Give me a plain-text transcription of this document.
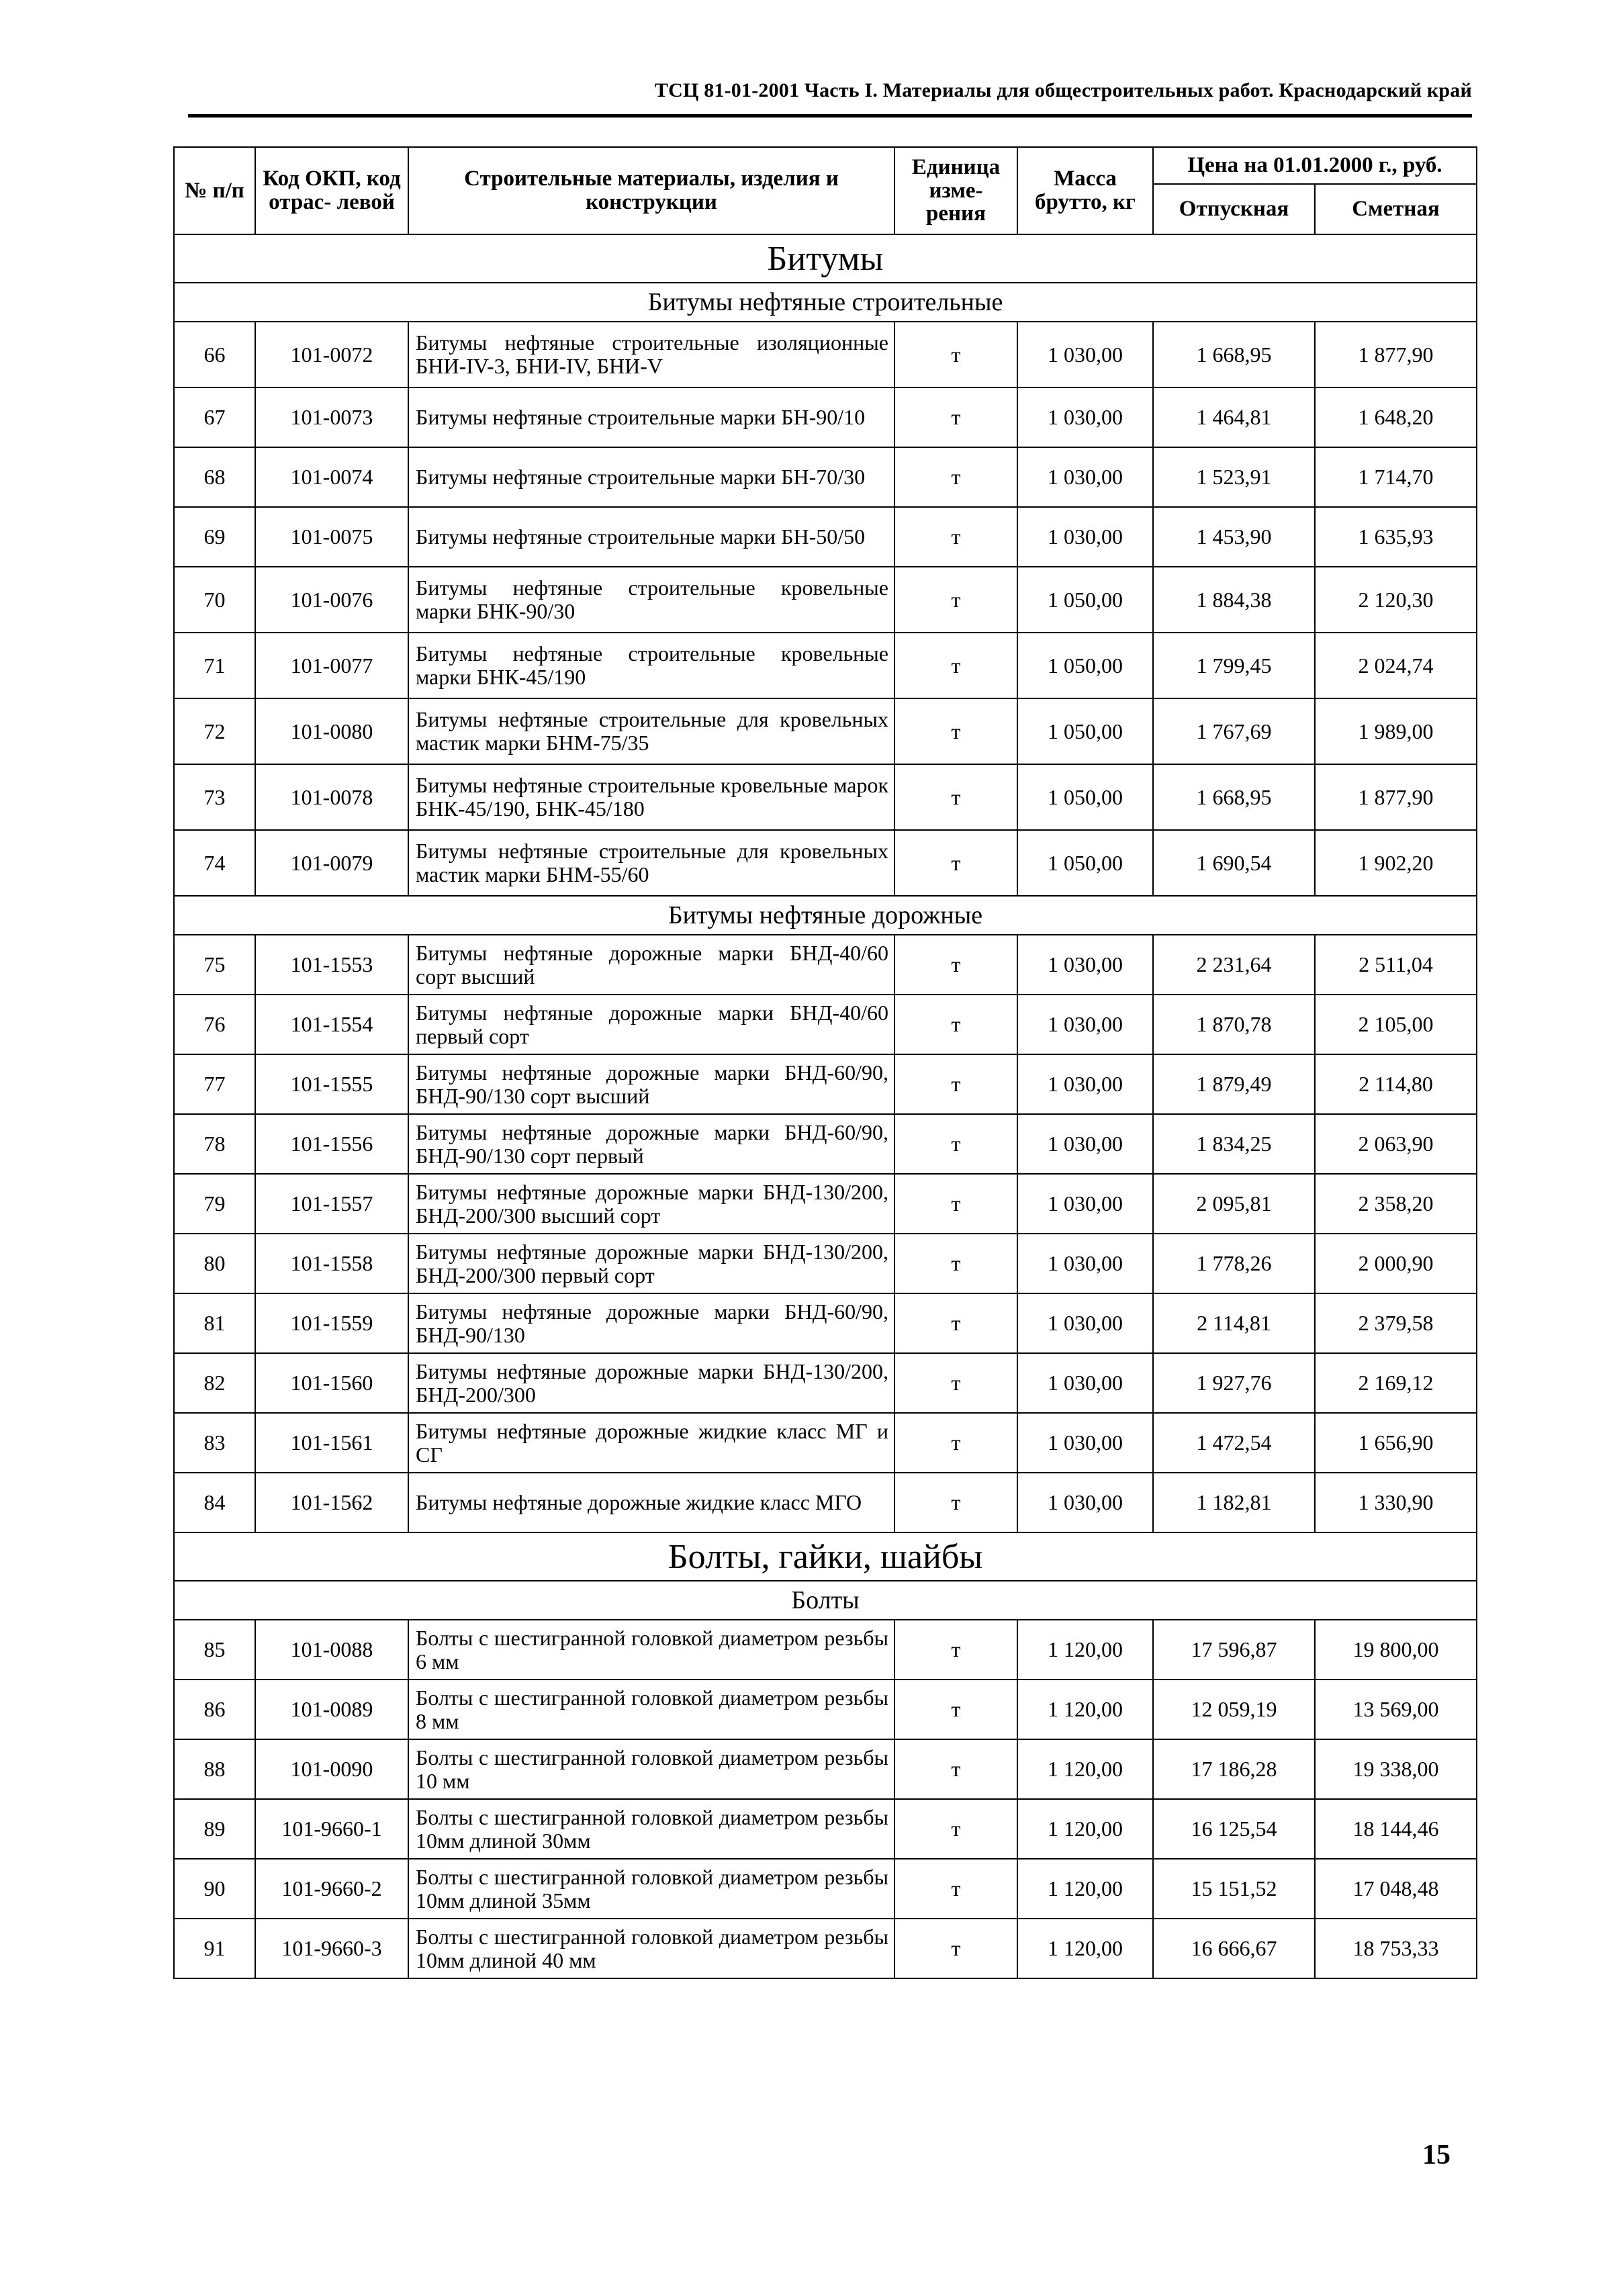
ТСЦ 81-01-2001 Часть I. Материалы для общестроительных работ. Краснодарский край
№ п/п	Код ОКП, код отрас- левой	Строительные материалы, изделия и конструкции	Единица изме- рения	Масса брутто, кг	Цена на 01.01.2000 г., руб.	
					Отпускная	Сметная
Битумы						
Битумы нефтяные строительные						
66	101-0072	Битумы нефтяные строительные изоляционные БНИ-IV-3, БНИ-IV, БНИ-V	т	1 030,00	1 668,95	1 877,90
67	101-0073	Битумы нефтяные строительные марки БН-90/10	т	1 030,00	1 464,81	1 648,20
68	101-0074	Битумы нефтяные строительные марки БН-70/30	т	1 030,00	1 523,91	1 714,70
69	101-0075	Битумы нефтяные строительные марки БН-50/50	т	1 030,00	1 453,90	1 635,93
70	101-0076	Битумы нефтяные строительные кровельные марки БНК-90/30	т	1 050,00	1 884,38	2 120,30
71	101-0077	Битумы нефтяные строительные кровельные марки БНК-45/190	т	1 050,00	1 799,45	2 024,74
72	101-0080	Битумы нефтяные строительные для кровельных мастик марки БНМ-75/35	т	1 050,00	1 767,69	1 989,00
73	101-0078	Битумы нефтяные строительные кровельные марок БНК-45/190, БНК-45/180	т	1 050,00	1 668,95	1 877,90
74	101-0079	Битумы нефтяные строительные для кровельных мастик марки БНМ-55/60	т	1 050,00	1 690,54	1 902,20
Битумы нефтяные дорожные						
75	101-1553	Битумы нефтяные дорожные марки БНД-40/60 сорт высший	т	1 030,00	2 231,64	2 511,04
76	101-1554	Битумы нефтяные дорожные марки БНД-40/60 первый сорт	т	1 030,00	1 870,78	2 105,00
77	101-1555	Битумы нефтяные дорожные марки БНД-60/90, БНД-90/130 сорт высший	т	1 030,00	1 879,49	2 114,80
78	101-1556	Битумы нефтяные дорожные марки БНД-60/90, БНД-90/130 сорт первый	т	1 030,00	1 834,25	2 063,90
79	101-1557	Битумы нефтяные дорожные марки БНД-130/200, БНД-200/300 высший сорт	т	1 030,00	2 095,81	2 358,20
80	101-1558	Битумы нефтяные дорожные марки БНД-130/200, БНД-200/300 первый сорт	т	1 030,00	1 778,26	2 000,90
81	101-1559	Битумы нефтяные дорожные марки БНД-60/90, БНД-90/130	т	1 030,00	2 114,81	2 379,58
82	101-1560	Битумы нефтяные дорожные марки БНД-130/200, БНД-200/300	т	1 030,00	1 927,76	2 169,12
83	101-1561	Битумы нефтяные дорожные жидкие класс МГ и СГ	т	1 030,00	1 472,54	1 656,90
84	101-1562	Битумы нефтяные дорожные жидкие класс МГО	т	1 030,00	1 182,81	1 330,90
Болты, гайки, шайбы						
Болты						
85	101-0088	Болты с шестигранной головкой диаметром резьбы 6 мм	т	1 120,00	17 596,87	19 800,00
86	101-0089	Болты с шестигранной головкой диаметром резьбы 8 мм	т	1 120,00	12 059,19	13 569,00
88	101-0090	Болты с шестигранной головкой диаметром резьбы 10 мм	т	1 120,00	17 186,28	19 338,00
89	101-9660-1	Болты с шестигранной головкой диаметром резьбы 10мм длиной 30мм	т	1 120,00	16 125,54	18 144,46
90	101-9660-2	Болты с шестигранной головкой диаметром резьбы 10мм длиной 35мм	т	1 120,00	15 151,52	17 048,48
91	101-9660-3	Болты с шестигранной головкой диаметром резьбы 10мм длиной 40 мм	т	1 120,00	16 666,67	18 753,33
15
